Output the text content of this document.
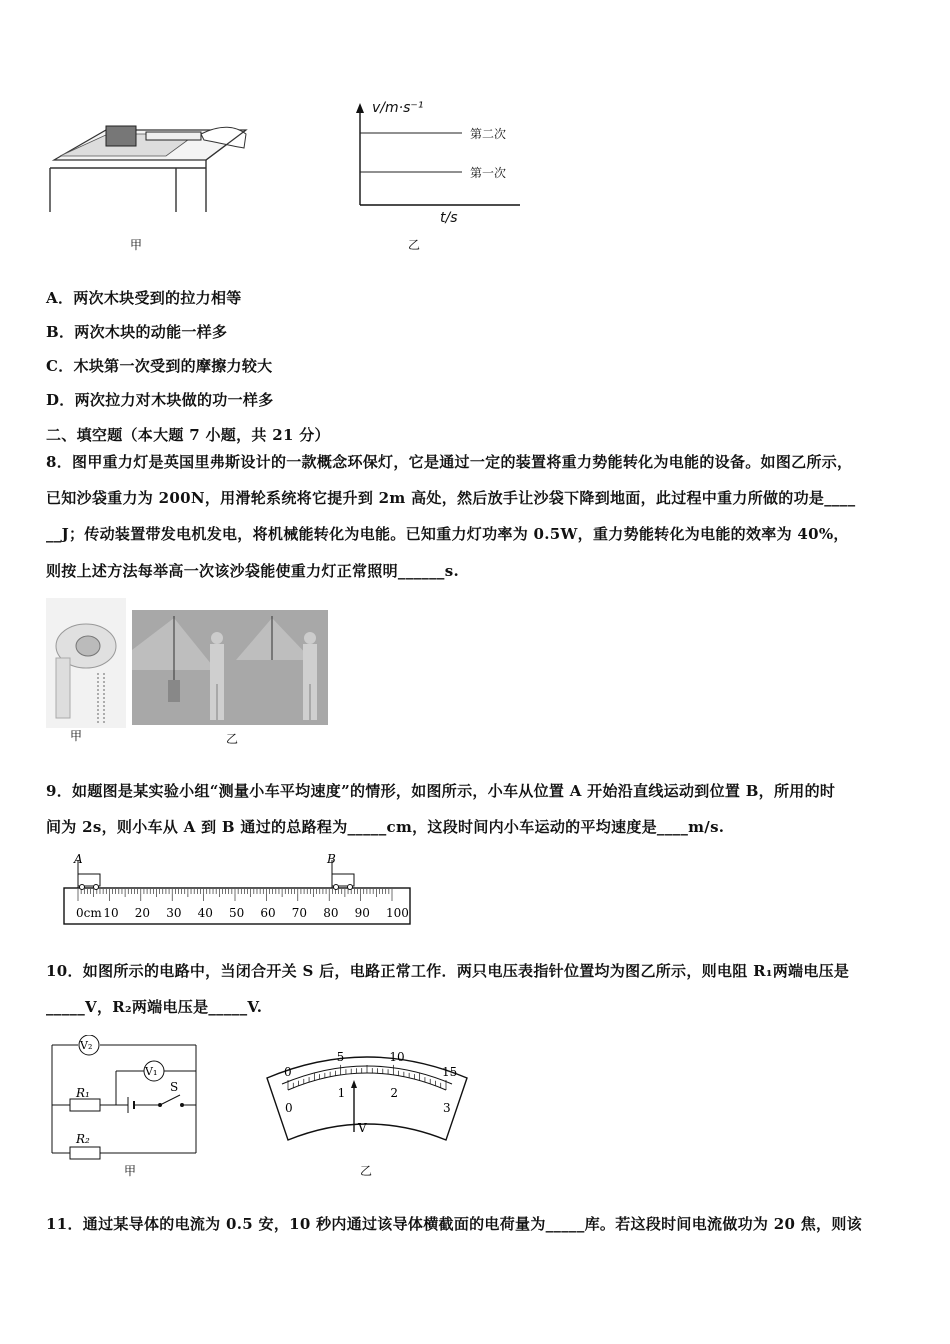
甲
v/m·s⁻¹
第二次
第一次
t/s
乙
A．两次木块受到的拉力相等
B．两次木块的动能一样多
C．木块第一次受到的摩擦力较大
D．两次拉力对木块做的功一样多
二、填空题（本大题 7 小题，共 21 分）
8．图甲重力灯是英国里弗斯设计的一款概念环保灯，它是通过一定的装置将重力势能转化为电能的设备。如图乙所示，
已知沙袋重力为 200N，用滑轮系统将它提升到 2m 高处，然后放手让沙袋下降到地面，此过程中重力所做的功是____
__J；传动装置带发电机发电，将机械能转化为电能。已知重力灯功率为 0.5W，重力势能转化为电能的效率为 40%，
则按上述方法每举高一次该沙袋能使重力灯正常照明______s.
甲	乙
9．如题图是某实验小组“测量小车平均速度”的情形，如图所示，小车从位置 A 开始沿直线运动到位置 B，所用的时
间为 2s，则小车从 A 到 B 通过的总路程为_____cm，这段时间内小车运动的平均速度是____m/s.
A	B
0cm 10 20 30 40 50 60 70 80 90 100
10．如图所示的电路中，当闭合开关 S 后，电路正常工作．两只电压表指针位置均为图乙所示，则电阻 R₁两端电压是
_____V，R₂两端电压是_____V.
V₂
V₁
S
R₁
R₂
甲
0
5	10
15
0
1	2
3
V
乙
11．通过某导体的电流为 0.5 安，10 秒内通过该导体横截面的电荷量为_____库。若这段时间电流做功为 20 焦，则该
